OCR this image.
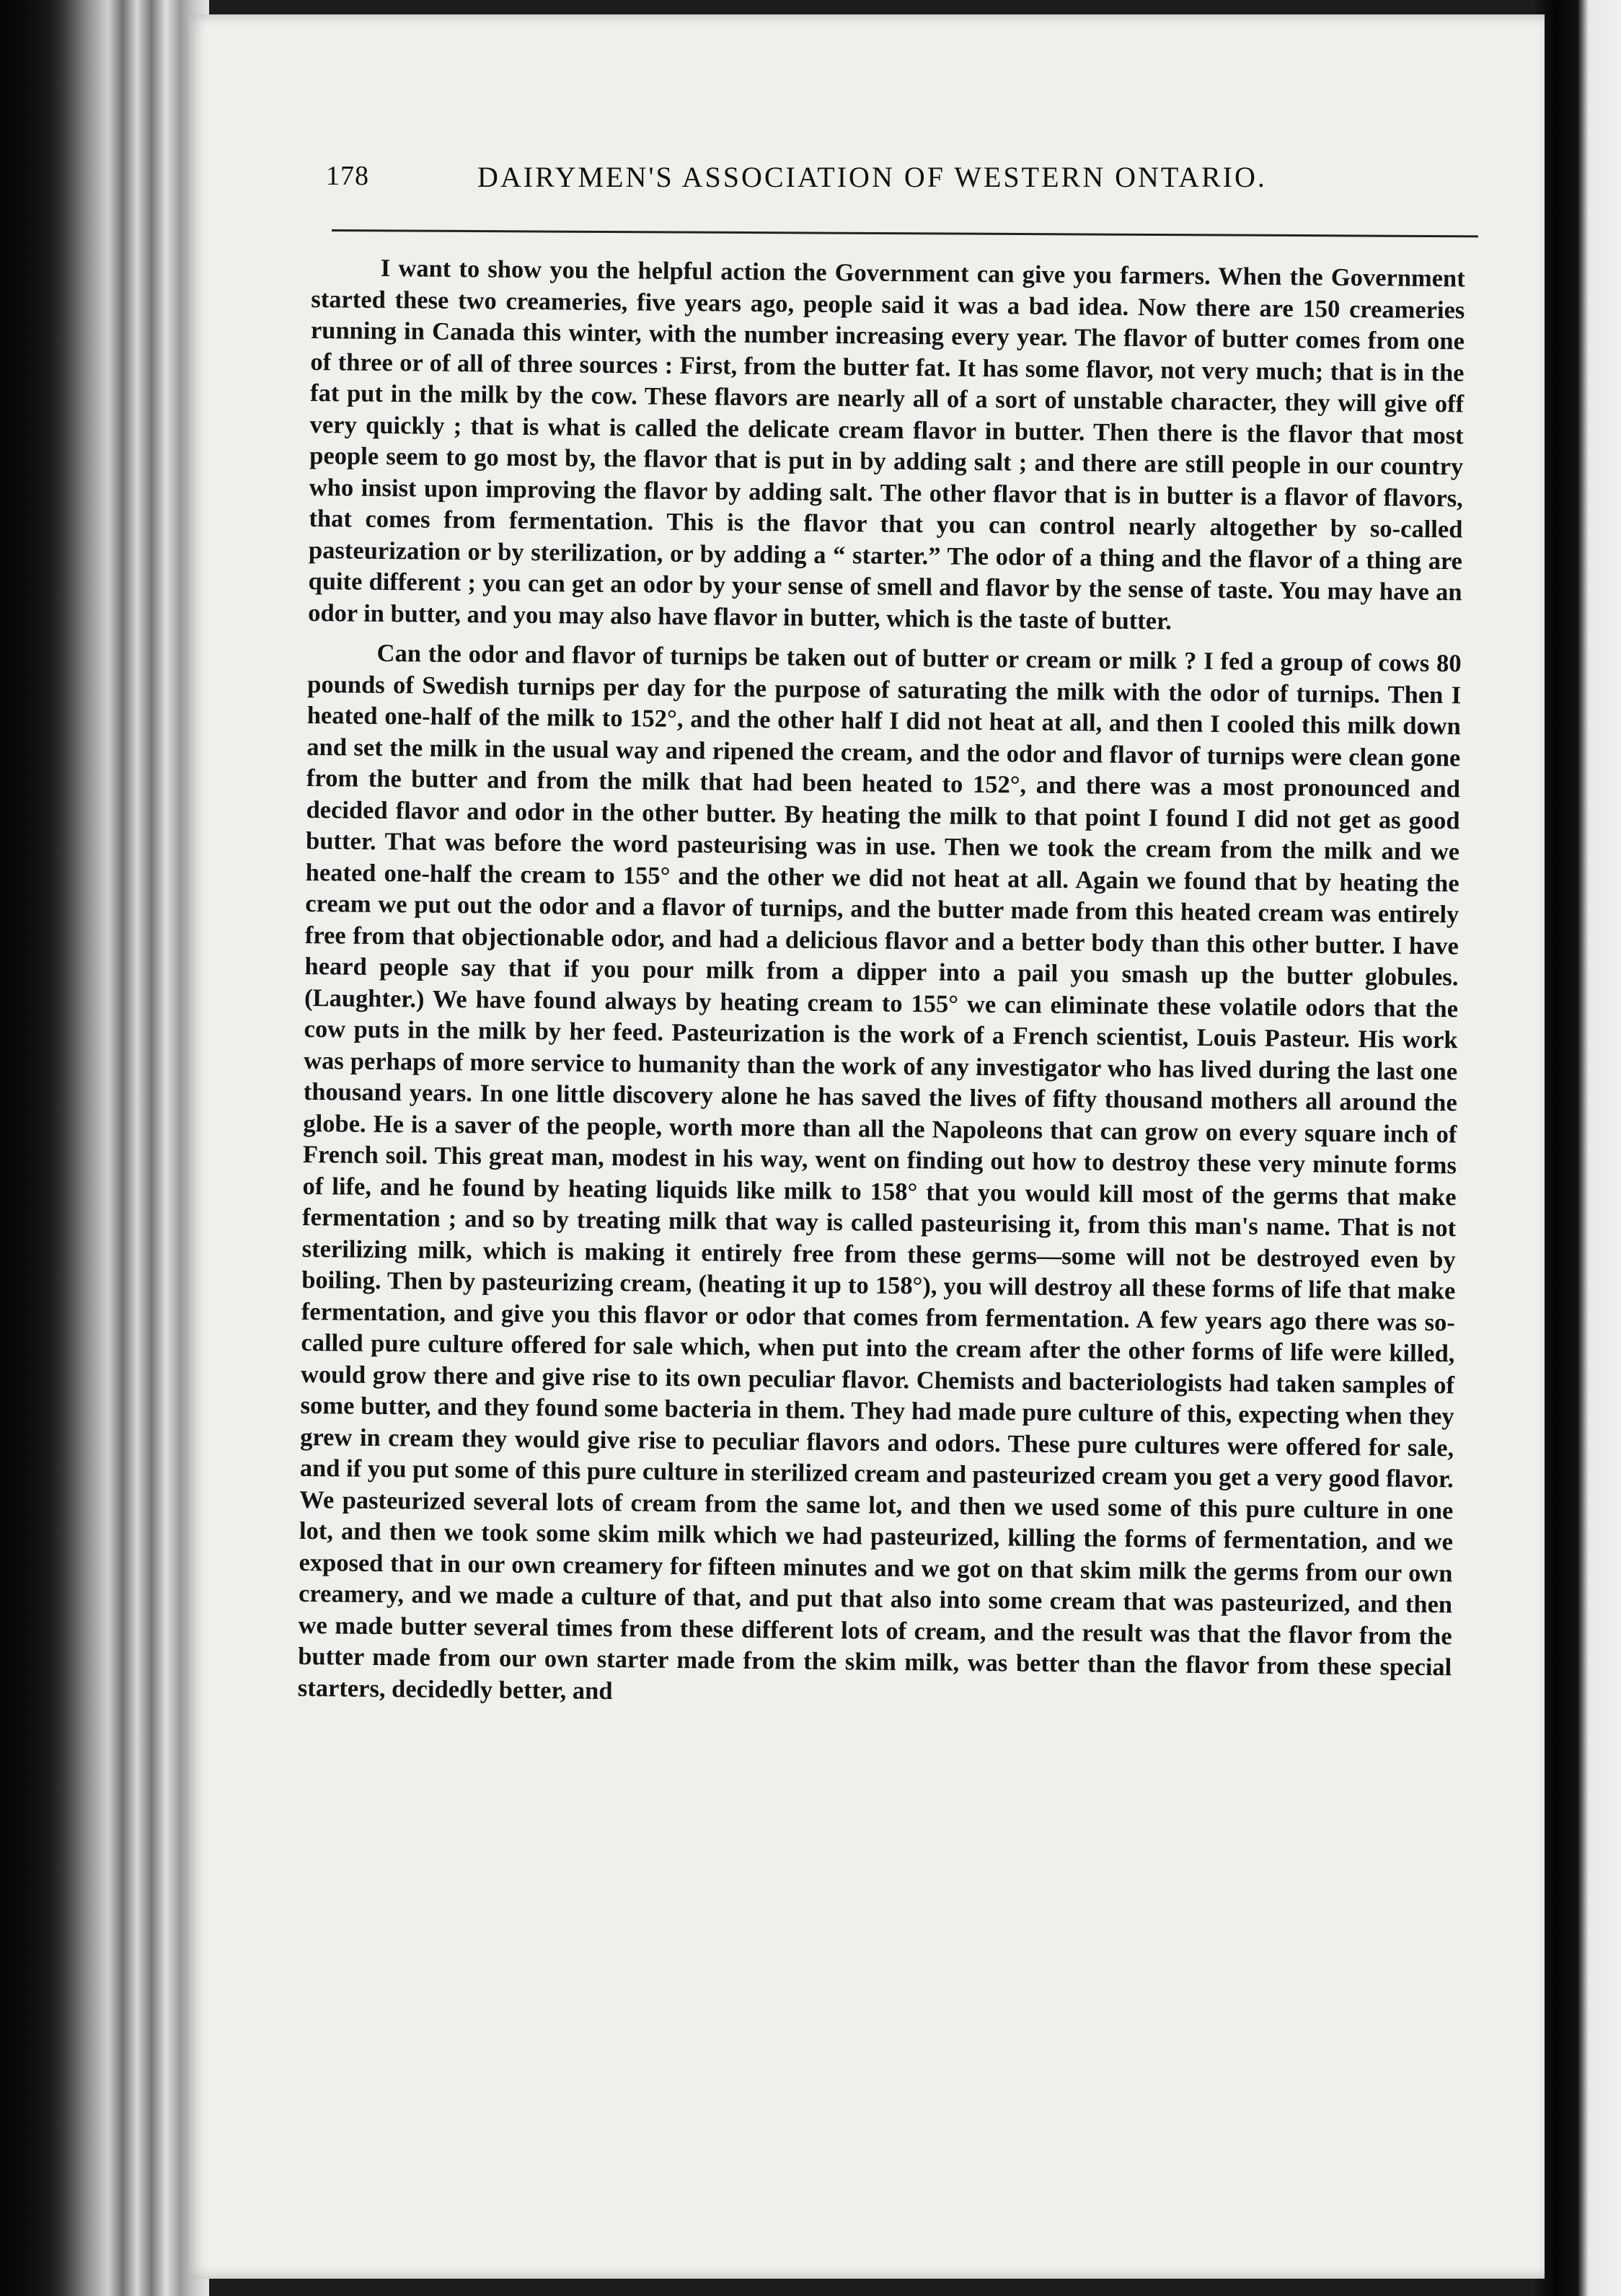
178	DAIRYMEN'S ASSOCIATION OF WESTERN ONTARIO.

I want to show you the helpful action the Government can give you farmers. When the Government started these two creameries, five years ago, people said it was a bad idea. Now there are 150 creameries running in Canada this winter, with the number increasing every year. The flavor of butter comes from one of three or of all of three sources : First, from the butter fat. It has some flavor, not very much; that is in the fat put in the milk by the cow. These flavors are nearly all of a sort of unstable character, they will give off very quickly ; that is what is called the delicate cream flavor in butter. Then there is the flavor that most people seem to go most by, the flavor that is put in by adding salt ; and there are still people in our country who insist upon improving the flavor by adding salt. The other flavor that is in butter is a flavor of flavors, that comes from fermentation. This is the flavor that you can control nearly altogether by so-called pasteurization or by sterilization, or by adding a “ starter.” The odor of a thing and the flavor of a thing are quite different ; you can get an odor by your sense of smell and flavor by the sense of taste. You may have an odor in butter, and you may also have flavor in butter, which is the taste of butter.

Can the odor and flavor of turnips be taken out of butter or cream or milk ? I fed a group of cows 80 pounds of Swedish turnips per day for the purpose of saturating the milk with the odor of turnips. Then I heated one-half of the milk to 152°, and the other half I did not heat at all, and then I cooled this milk down and set the milk in the usual way and ripened the cream, and the odor and flavor of turnips were clean gone from the butter and from the milk that had been heated to 152°, and there was a most pronounced and decided flavor and odor in the other butter. By heating the milk to that point I found I did not get as good butter. That was before the word pasteurising was in use. Then we took the cream from the milk and we heated one-half the cream to 155° and the other we did not heat at all. Again we found that by heating the cream we put out the odor and a flavor of turnips, and the butter made from this heated cream was entirely free from that objectionable odor, and had a delicious flavor and a better body than this other butter. I have heard people say that if you pour milk from a dipper into a pail you smash up the butter globules. (Laughter.) We have found always by heating cream to 155° we can eliminate these volatile odors that the cow puts in the milk by her feed. Pasteurization is the work of a French scientist, Louis Pasteur. His work was perhaps of more service to humanity than the work of any investigator who has lived during the last one thousand years. In one little discovery alone he has saved the lives of fifty thousand mothers all around the globe. He is a saver of the people, worth more than all the Napoleons that can grow on every square inch of French soil. This great man, modest in his way, went on finding out how to destroy these very minute forms of life, and he found by heating liquids like milk to 158° that you would kill most of the germs that make fermentation ; and so by treating milk that way is called pasteurising it, from this man's name. That is not sterilizing milk, which is making it entirely free from these germs—some will not be destroyed even by boiling. Then by pasteurizing cream, (heating it up to 158°), you will destroy all these forms of life that make fermentation, and give you this flavor or odor that comes from fermentation. A few years ago there was so-called pure culture offered for sale which, when put into the cream after the other forms of life were killed, would grow there and give rise to its own peculiar flavor. Chemists and bacteriologists had taken samples of some butter, and they found some bacteria in them. They had made pure culture of this, expecting when they grew in cream they would give rise to peculiar flavors and odors. These pure cultures were offered for sale, and if you put some of this pure culture in sterilized cream and pasteurized cream you get a very good flavor. We pasteurized several lots of cream from the same lot, and then we used some of this pure culture in one lot, and then we took some skim milk which we had pasteurized, killing the forms of fermentation, and we exposed that in our own creamery for fifteen minutes and we got on that skim milk the germs from our own creamery, and we made a culture of that, and put that also into some cream that was pasteurized, and then we made butter several times from these different lots of cream, and the result was that the flavor from the butter made from our own starter made from the skim milk, was better than the flavor from these special starters, decidedly better, and
